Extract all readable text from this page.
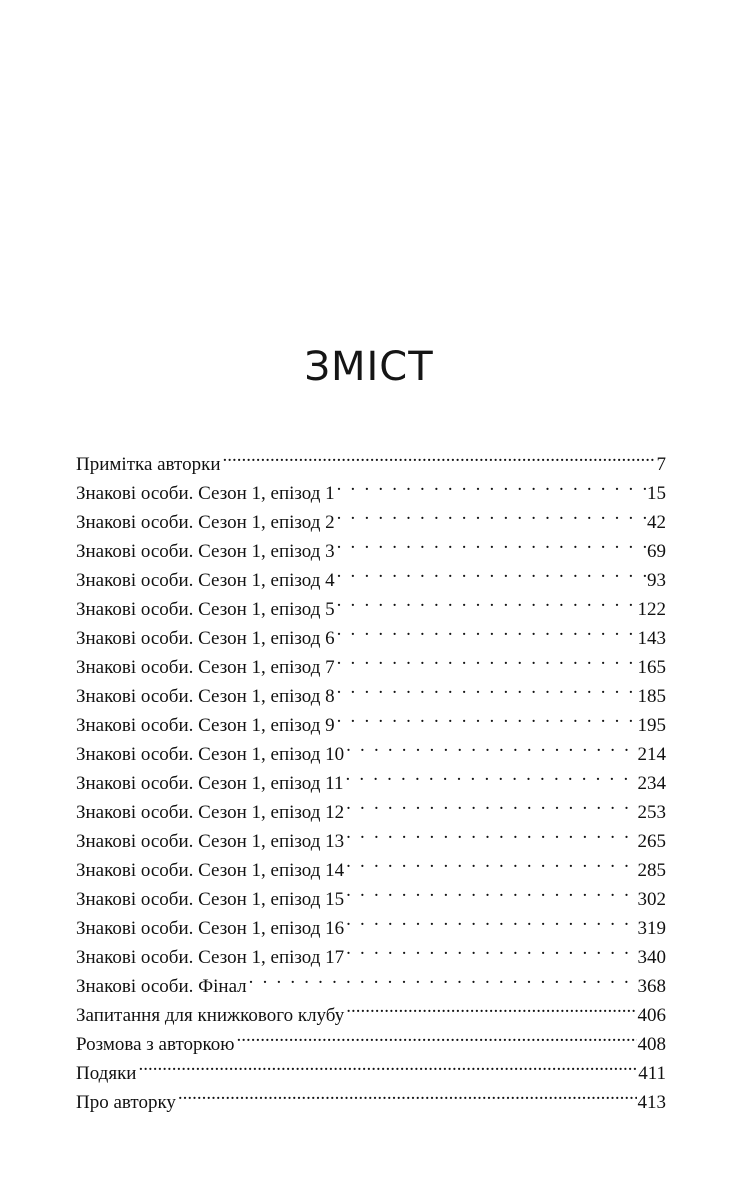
ЗМІСТ
Примітка авторки .....	7
Знакові особи. Сезон 1, епізод 1 . . .	15
Знакові особи. Сезон 1, епізод 2 . . .	42
Знакові особи. Сезон 1, епізод 3 . . .	69
Знакові особи. Сезон 1, епізод 4 . . .	93
Знакові особи. Сезон 1, епізод 5 . . .	122
Знакові особи. Сезон 1, епізод 6 . . .	143
Знакові особи. Сезон 1, епізод 7 . . .	165
Знакові особи. Сезон 1, епізод 8 . . .	185
Знакові особи. Сезон 1, епізод 9 . . .	195
Знакові особи. Сезон 1, епізод 10 . . .	214
Знакові особи. Сезон 1, епізод 11 . . .	234
Знакові особи. Сезон 1, епізод 12 . . .	253
Знакові особи. Сезон 1, епізод 13 . . .	265
Знакові особи. Сезон 1, епізод 14 . . .	285
Знакові особи. Сезон 1, епізод 15 . . .	302
Знакові особи. Сезон 1, епізод 16 . . .	319
Знакові особи. Сезон 1, епізод 17 . . .	340
Знакові особи. Фінал . . .	368
Запитання для книжкового клубу .....	406
Розмова з авторкою .....	408
Подяки .....	411
Про авторку .....	413
